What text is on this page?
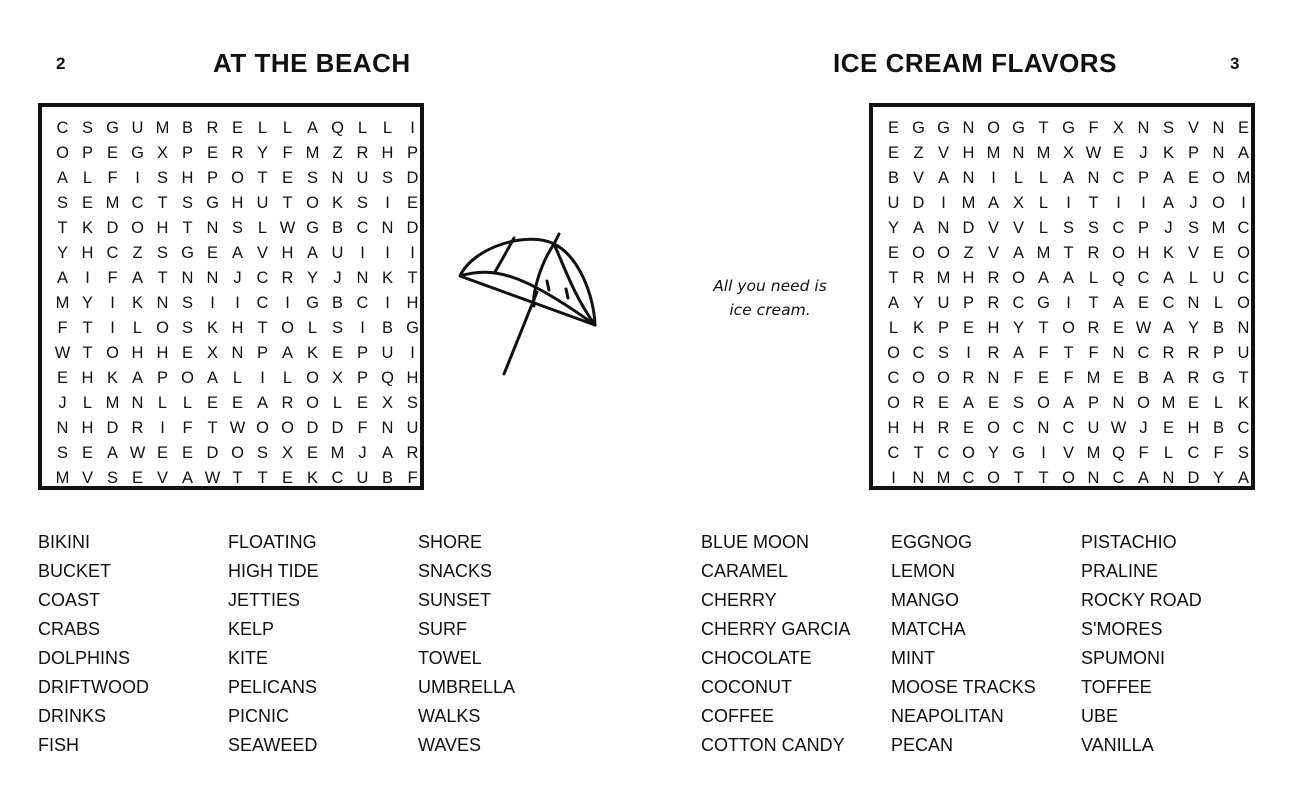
2	AT THE BEACH
C S G U M B R E L L A Q L L	I
O P E G X P E R Y F M Z R H P
A L F	I	S H P O T E S N U S D
S E M C T S G H U T O K S	I	E
T K D O H T N S L W G B C N D
Y H C Z S G E A V H A U	I	I	I
A	I	F A T N N J C R Y J N K T
M Y	I	K N S	I	I	C	I G B C	I	H
F T	I	L O S K H T O L S	I	B G
W T O H H E X N P A K E P U	I
E H K A P O A L	I	L O X P Q H
J L M N L L E E A R O L E X S
N H D R	I	F T W O O D D F N U
S E A W E E D O S X E M J A R
M V S E V A W T T E K C U B F
BIKINI
BUCKET
COAST
CRABS
DOLPHINS
DRIFTWOOD
DRINKS
FISH
FLOATING
HIGH TIDE
JETTIES
KELP
KITE
PELICANS
PICNIC
SEAWEED
SHORE
SNACKS
SUNSET
SURF
TOWEL
UMBRELLA
WALKS
WAVES
ICE CREAM FLAVORS	3
All you need is
ice cream.
E G G N O G T G F X N S V N E
E Z V H M N M X W E J K P N A
B V A N	I	L L A N C P A E O M
U D	I M A X L	I	T	I	I	A J O I
Y A N D V V L S S C P J S M C
E O O Z V A M T R O H K V E O
T R M H R O A A L Q C A L U C
A Y U P R C G I	T A E C N L O
L K P E H Y T O R E W A Y B N
O C S	I	R A F T F N C R R P U
C O O R N F E F M E B A R G T
O R E A E S O A P N O M E L K
H H R E O C N C U W J E H B C
C T C O Y G I	V M Q F L C F S
I	N M C O T T O N C A N D Y A
BLUE MOON
CARAMEL
CHERRY
CHERRY GARCIA
CHOCOLATE
COCONUT
COFFEE
COTTON CANDY
EGGNOG
LEMON
MANGO
MATCHA
MINT
MOOSE TRACKS
NEAPOLITAN
PECAN
PISTACHIO
PRALINE
ROCKY ROAD
S'MORES
SPUMONI
TOFFEE
UBE
VANILLA
